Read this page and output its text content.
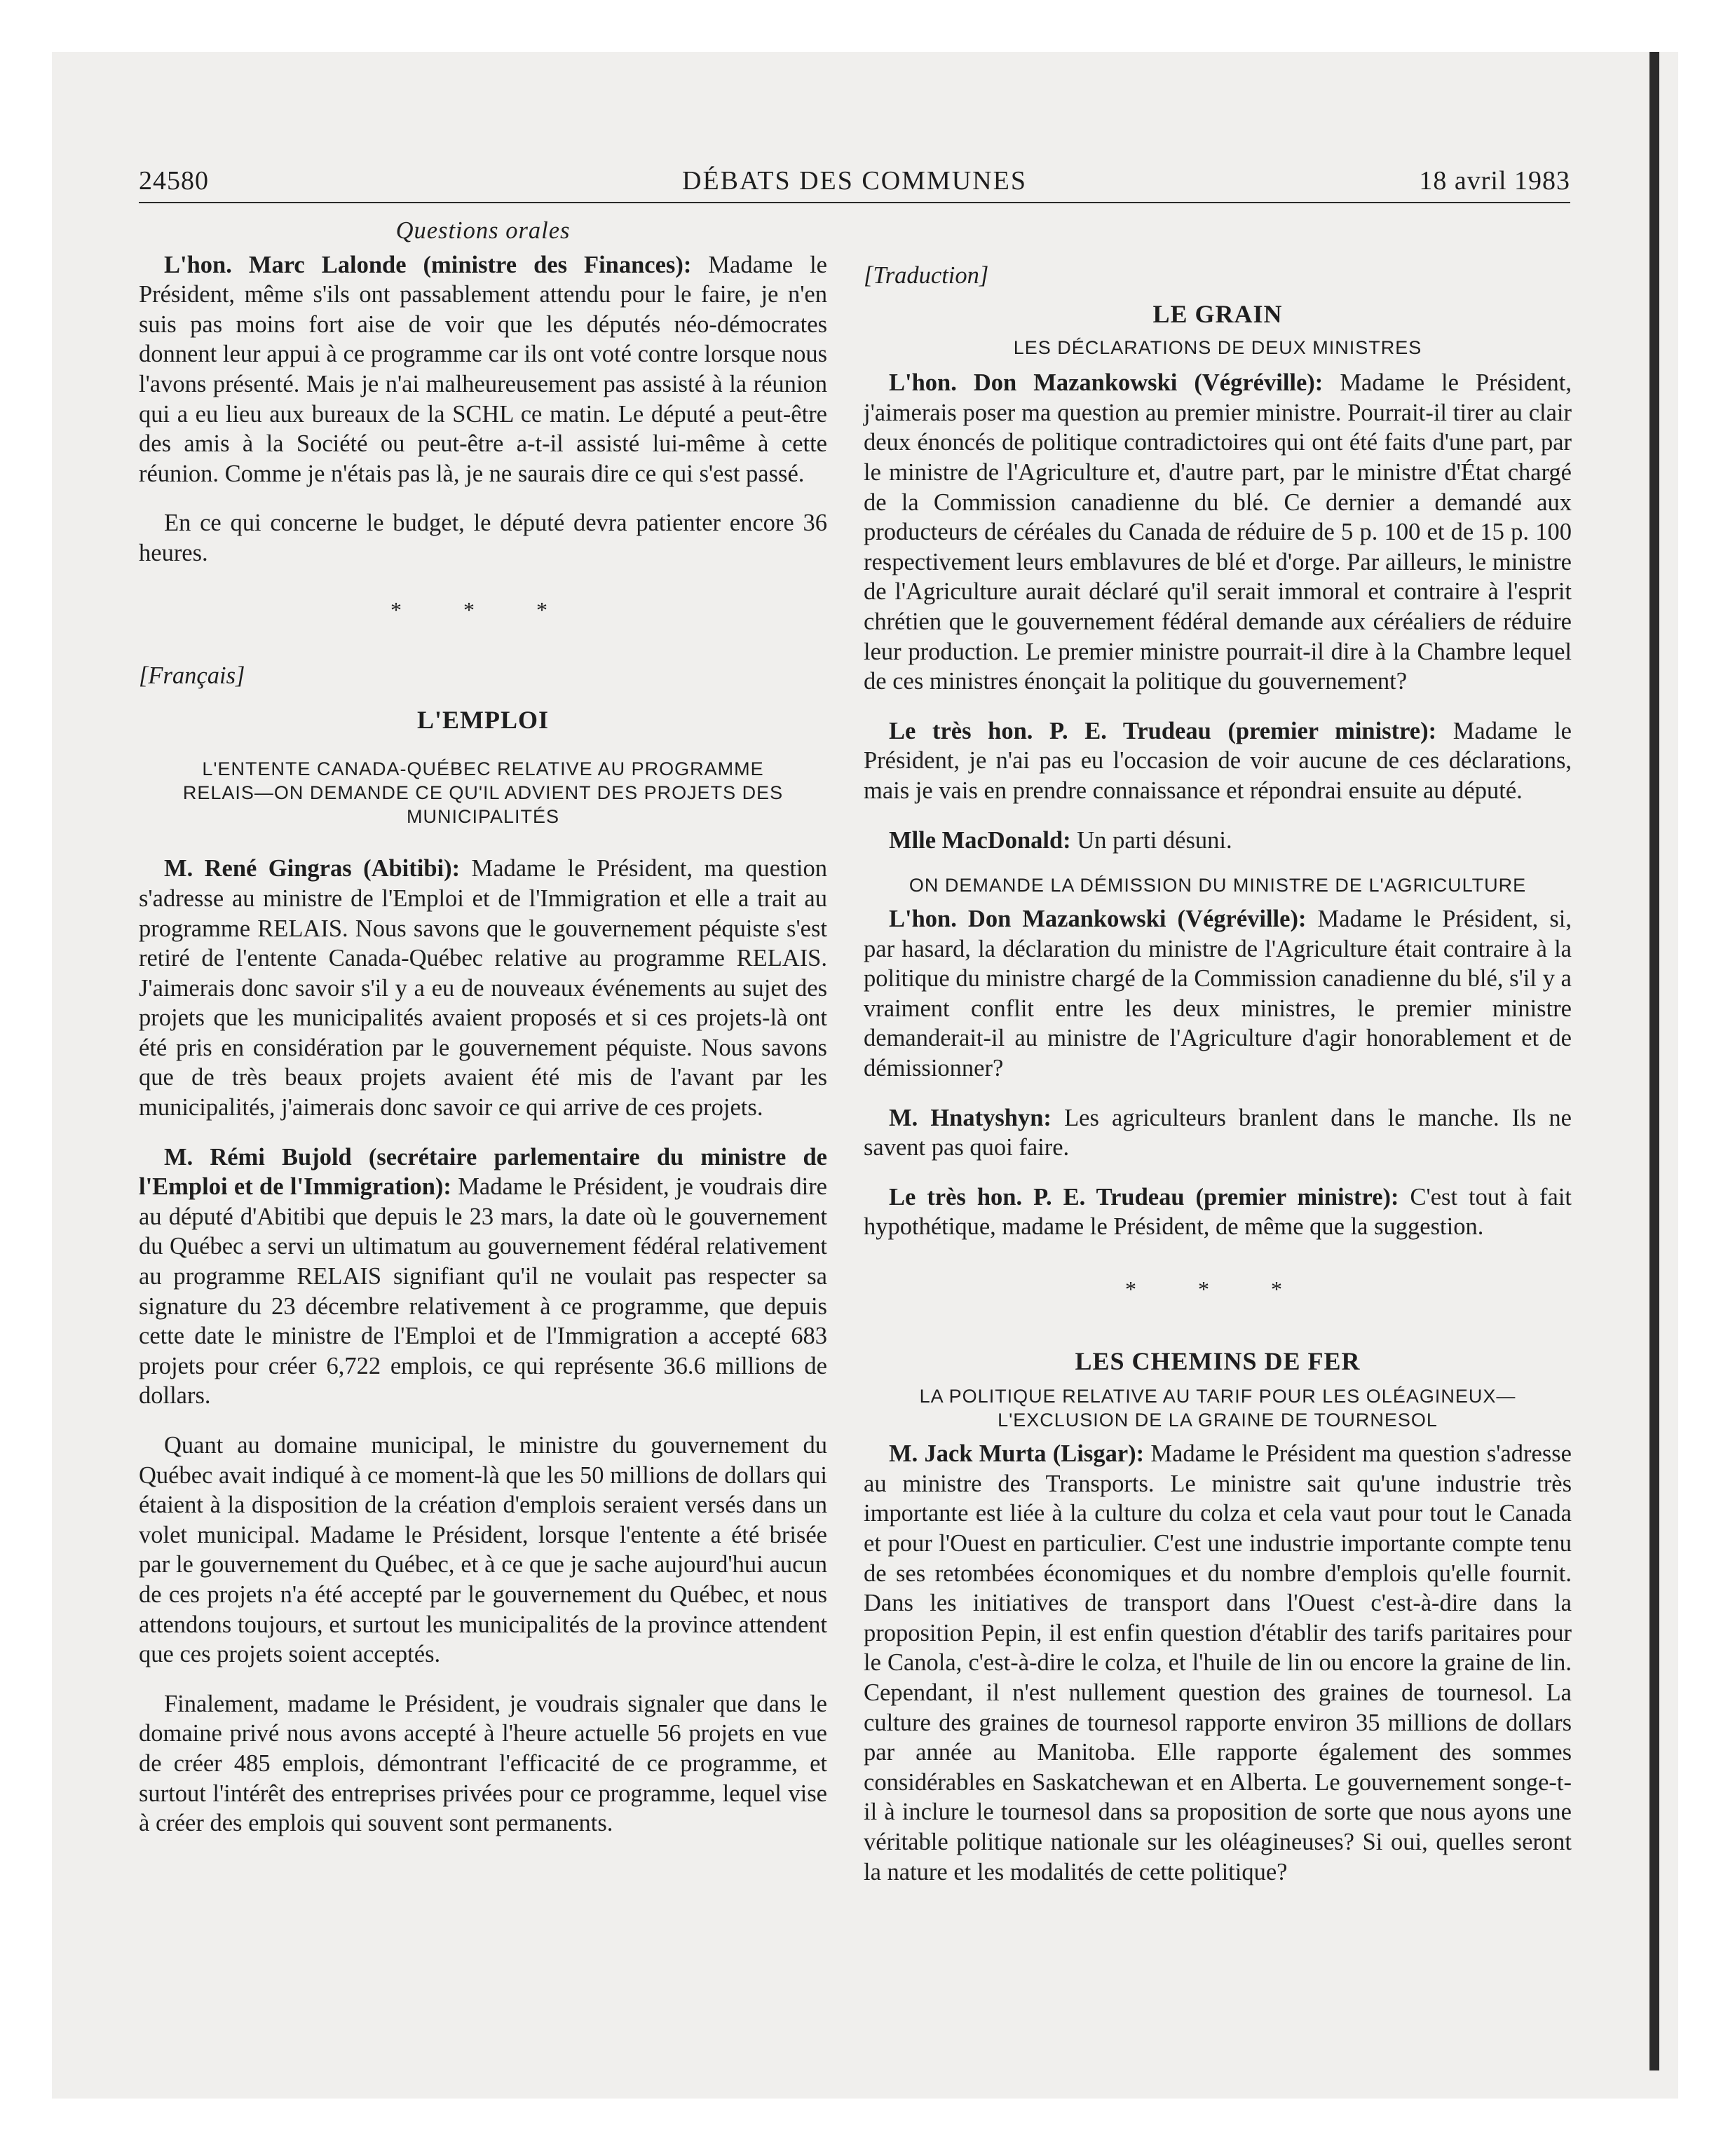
24580	DÉBATS DES COMMUNES	18 avril 1983
Questions orales

L'hon. Marc Lalonde (ministre des Finances): Madame le Président, même s'ils ont passablement attendu pour le faire, je n'en suis pas moins fort aise de voir que les députés néo-démocrates donnent leur appui à ce programme car ils ont voté contre lorsque nous l'avons présenté. Mais je n'ai malheureusement pas assisté à la réunion qui a eu lieu aux bureaux de la SCHL ce matin. Le député a peut-être des amis à la Société ou peut-être a-t-il assisté lui-même à cette réunion. Comme je n'étais pas là, je ne saurais dire ce qui s'est passé.

En ce qui concerne le budget, le député devra patienter encore 36 heures.

* * *
[Français]
L'EMPLOI
L'ENTENTE CANADA-QUÉBEC RELATIVE AU PROGRAMME
RELAIS—ON DEMANDE CE QU'IL ADVIENT DES PROJETS DES
MUNICIPALITÉS

M. René Gingras (Abitibi): Madame le Président, ma question s'adresse au ministre de l'Emploi et de l'Immigration et elle a trait au programme RELAIS. Nous savons que le gouvernement péquiste s'est retiré de l'entente Canada-Québec relative au programme RELAIS. J'aimerais donc savoir s'il y a eu de nouveaux événements au sujet des projets que les municipalités avaient proposés et si ces projets-là ont été pris en considération par le gouvernement péquiste. Nous savons que de très beaux projets avaient été mis de l'avant par les municipalités, j'aimerais donc savoir ce qui arrive de ces projets.

M. Rémi Bujold (secrétaire parlementaire du ministre de l'Emploi et de l'Immigration): Madame le Président, je voudrais dire au député d'Abitibi que depuis le 23 mars, la date où le gouvernement du Québec a servi un ultimatum au gouvernement fédéral relativement au programme RELAIS signifiant qu'il ne voulait pas respecter sa signature du 23 décembre relativement à ce programme, que depuis cette date le ministre de l'Emploi et de l'Immigration a accepté 683 projets pour créer 6,722 emplois, ce qui représente 36.6 millions de dollars.

Quant au domaine municipal, le ministre du gouvernement du Québec avait indiqué à ce moment-là que les 50 millions de dollars qui étaient à la disposition de la création d'emplois seraient versés dans un volet municipal. Madame le Président, lorsque l'entente a été brisée par le gouvernement du Québec, et à ce que je sache aujourd'hui aucun de ces projets n'a été accepté par le gouvernement du Québec, et nous attendons toujours, et surtout les municipalités de la province attendent que ces projets soient acceptés.

Finalement, madame le Président, je voudrais signaler que dans le domaine privé nous avons accepté à l'heure actuelle 56 projets en vue de créer 485 emplois, démontrant l'efficacité de ce programme, et surtout l'intérêt des entreprises privées pour ce programme, lequel vise à créer des emplois qui souvent sont permanents.

[Traduction]
LE GRAIN
LES DÉCLARATIONS DE DEUX MINISTRES

L'hon. Don Mazankowski (Végréville): Madame le Président, j'aimerais poser ma question au premier ministre. Pourrait-il tirer au clair deux énoncés de politique contradictoires qui ont été faits d'une part, par le ministre de l'Agriculture et, d'autre part, par le ministre d'État chargé de la Commission canadienne du blé. Ce dernier a demandé aux producteurs de céréales du Canada de réduire de 5 p. 100 et de 15 p. 100 respectivement leurs emblavures de blé et d'orge. Par ailleurs, le ministre de l'Agriculture aurait déclaré qu'il serait immoral et contraire à l'esprit chrétien que le gouvernement fédéral demande aux céréaliers de réduire leur production. Le premier ministre pourrait-il dire à la Chambre lequel de ces ministres énonçait la politique du gouvernement?

Le très hon. P. E. Trudeau (premier ministre): Madame le Président, je n'ai pas eu l'occasion de voir aucune de ces déclarations, mais je vais en prendre connaissance et répondrai ensuite au député.

Mlle MacDonald: Un parti désuni.

ON DEMANDE LA DÉMISSION DU MINISTRE DE L'AGRICULTURE

L'hon. Don Mazankowski (Végréville): Madame le Président, si, par hasard, la déclaration du ministre de l'Agriculture était contraire à la politique du ministre chargé de la Commission canadienne du blé, s'il y a vraiment conflit entre les deux ministres, le premier ministre demanderait-il au ministre de l'Agriculture d'agir honorablement et de démissionner?

M. Hnatyshyn: Les agriculteurs branlent dans le manche. Ils ne savent pas quoi faire.

Le très hon. P. E. Trudeau (premier ministre): C'est tout à fait hypothétique, madame le Président, de même que la suggestion.

* * *
LES CHEMINS DE FER
LA POLITIQUE RELATIVE AU TARIF POUR LES OLÉAGINEUX—
L'EXCLUSION DE LA GRAINE DE TOURNESOL

M. Jack Murta (Lisgar): Madame le Président ma question s'adresse au ministre des Transports. Le ministre sait qu'une industrie très importante est liée à la culture du colza et cela vaut pour tout le Canada et pour l'Ouest en particulier. C'est une industrie importante compte tenu de ses retombées économiques et du nombre d'emplois qu'elle fournit. Dans les initiatives de transport dans l'Ouest c'est-à-dire dans la proposition Pepin, il est enfin question d'établir des tarifs paritaires pour le Canola, c'est-à-dire le colza, et l'huile de lin ou encore la graine de lin. Cependant, il n'est nullement question des graines de tournesol. La culture des graines de tournesol rapporte environ 35 millions de dollars par année au Manitoba. Elle rapporte également des sommes considérables en Saskatchewan et en Alberta. Le gouvernement songe-t-il à inclure le tournesol dans sa proposition de sorte que nous ayons une véritable politique nationale sur les oléagineuses? Si oui, quelles seront la nature et les modalités de cette politique?
